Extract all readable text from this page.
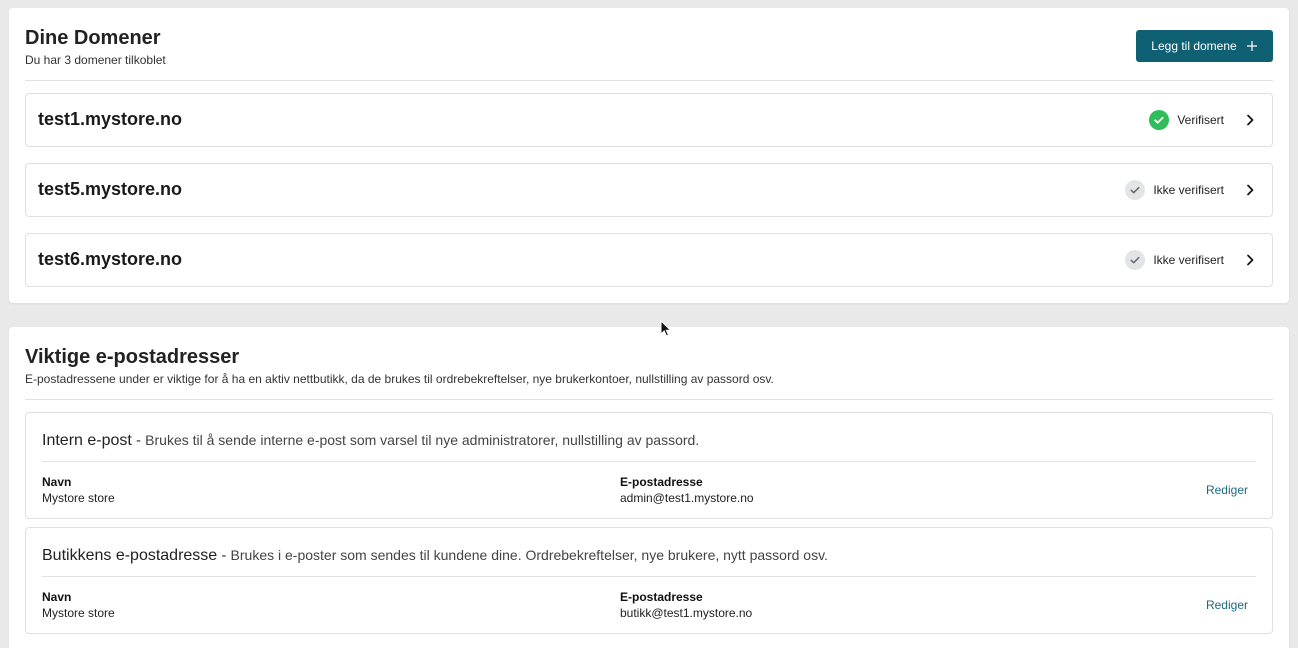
Dine Domener
Du har 3 domener tilkoblet
Legg til domene
test1.mystore.no	Verifisert
test5.mystore.no	Ikke verifisert
test6.mystore.no	Ikke verifisert
Viktige e-postadresser
E-postadressene under er viktige for å ha en aktiv nettbutikk, da de brukes til ordrebekreftelser, nye brukerkontoer, nullstilling av passord osv.
Intern e-post - Brukes til å sende interne e-post som varsel til nye administratorer, nullstilling av passord.
Navn
Mystore store
E-postadresse
admin@test1.mystore.no
Rediger
Butikkens e-postadresse - Brukes i e-poster som sendes til kundene dine. Ordrebekreftelser, nye brukere, nytt passord osv.
Navn
Mystore store
E-postadresse
butikk@test1.mystore.no
Rediger
